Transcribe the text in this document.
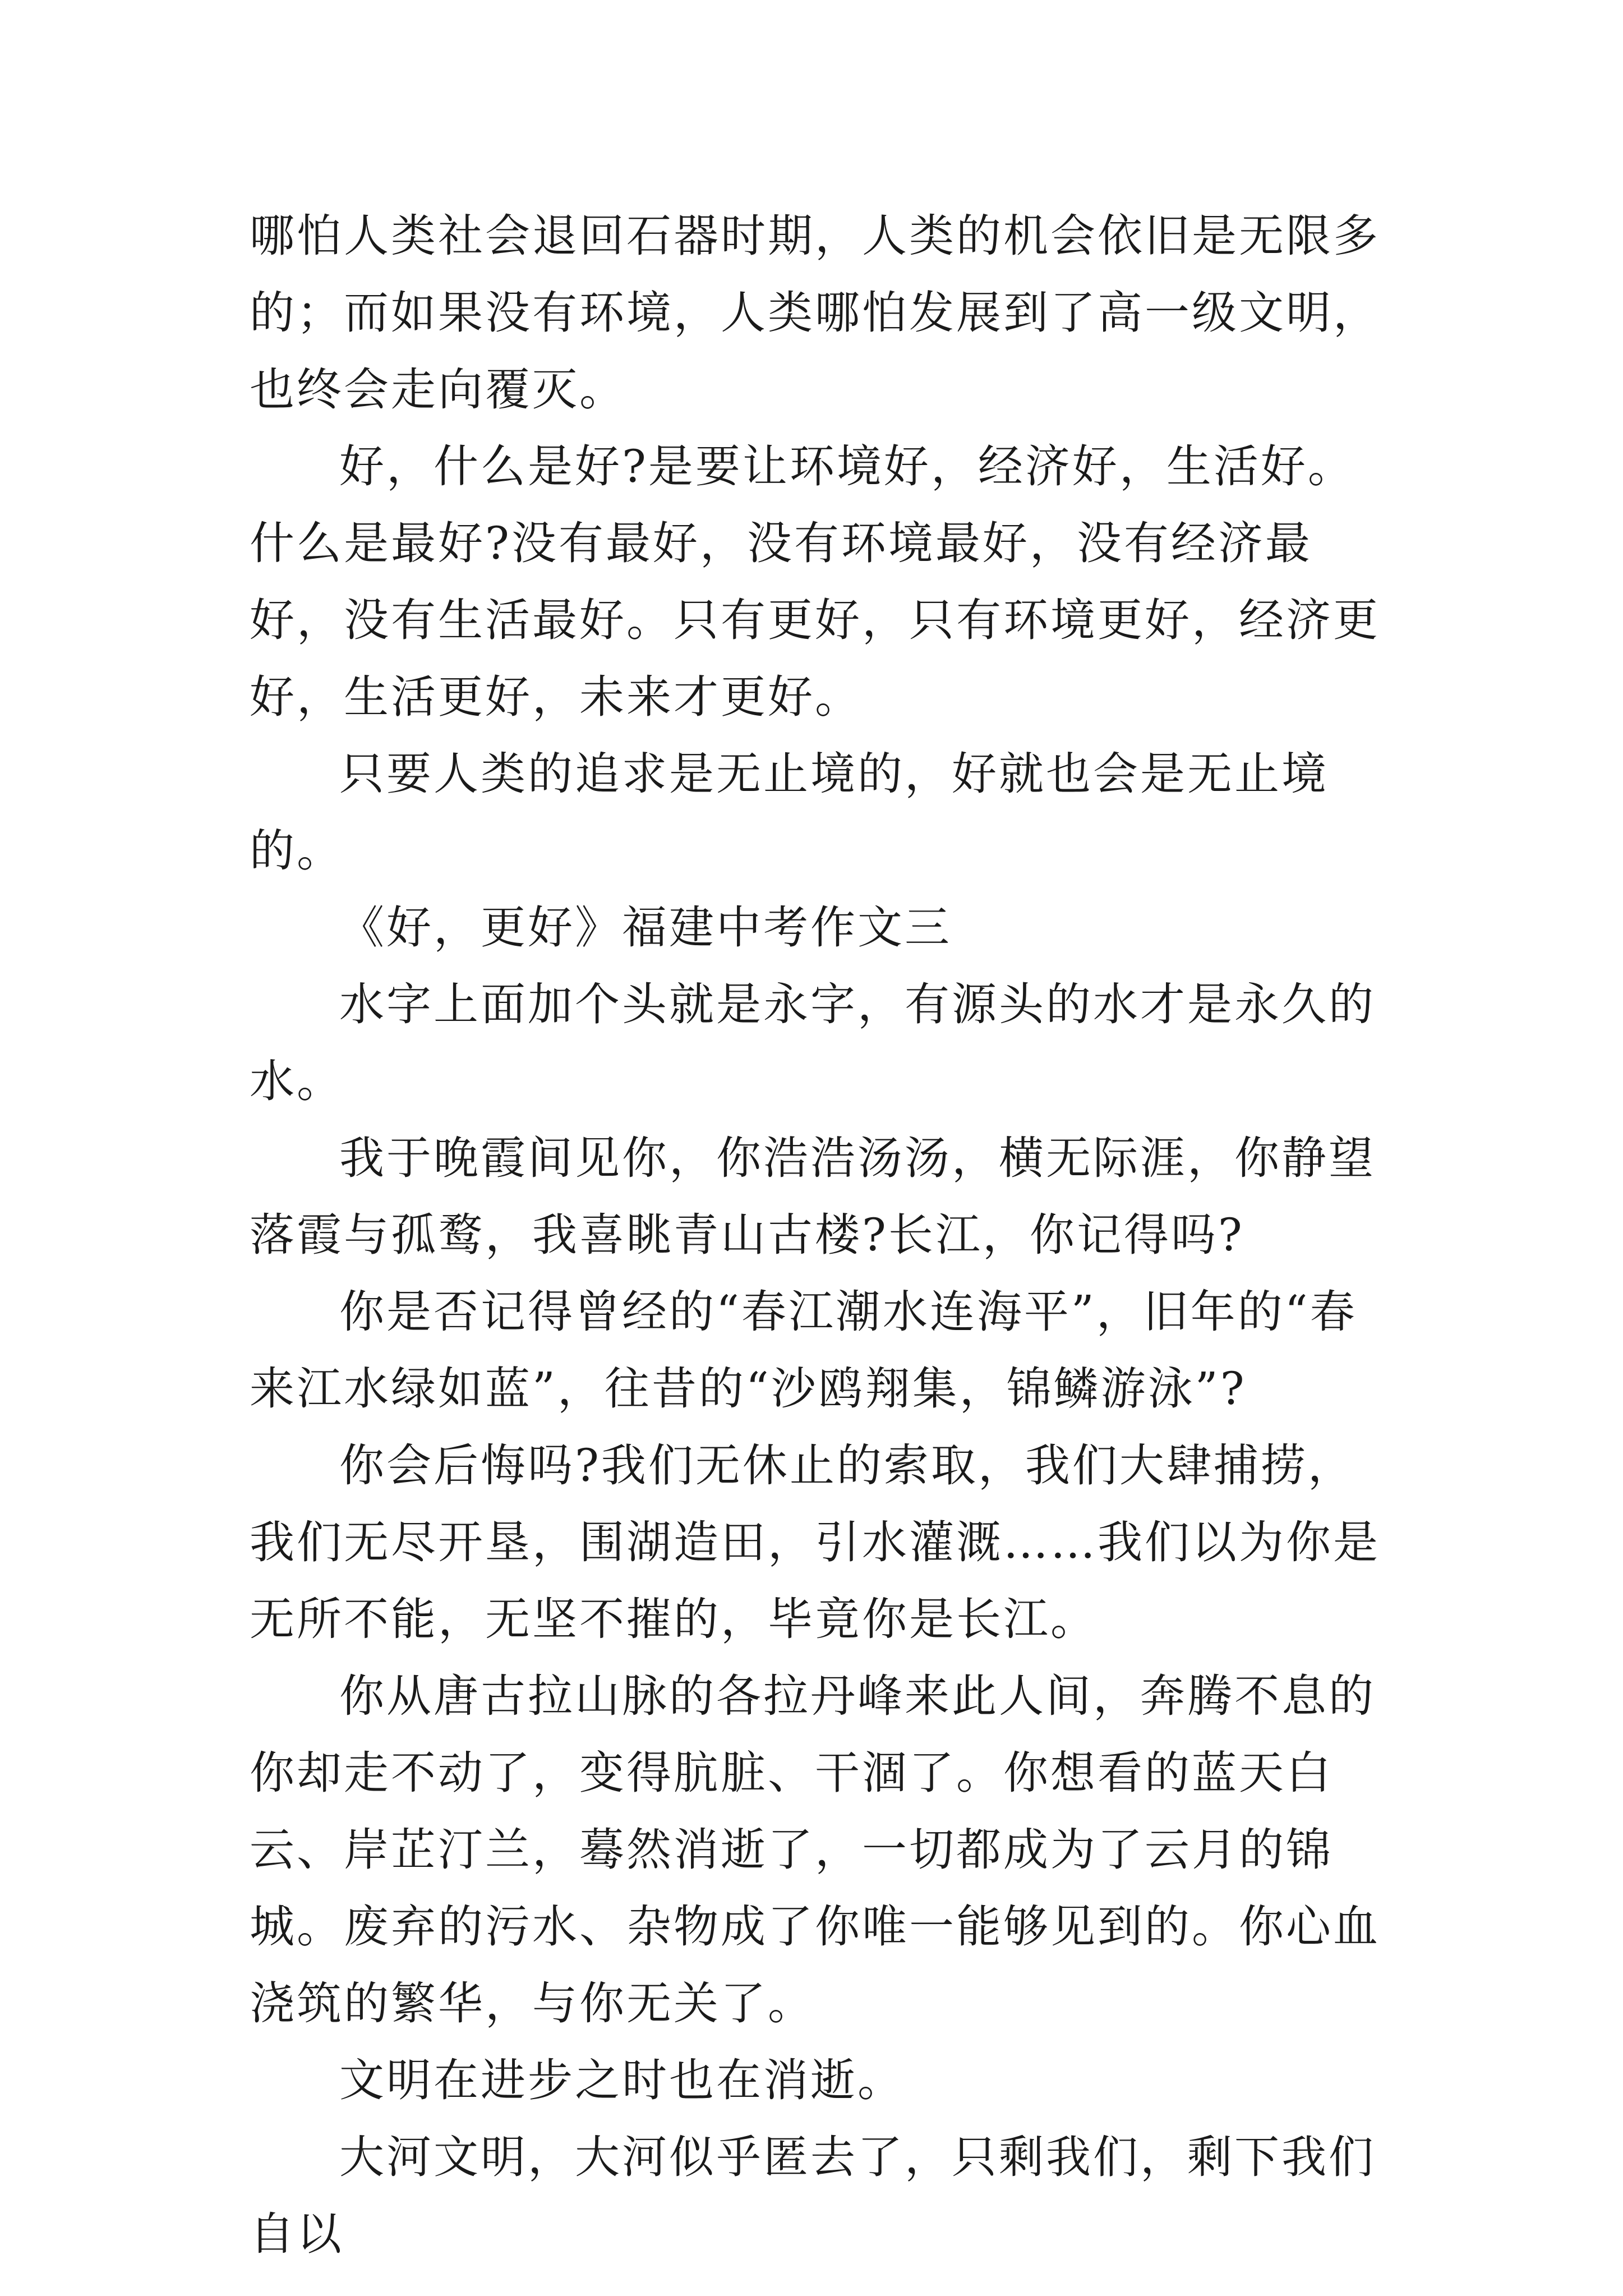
哪怕人类社会退回石器时期，人类的机会依旧是无限多的；而如果没有环境，人类哪怕发展到了高一级文明，也终会走向覆灭。

好，什么是好?是要让环境好，经济好，生活好。什么是最好?没有最好，没有环境最好，没有经济最好，没有生活最好。只有更好，只有环境更好，经济更好，生活更好，未来才更好。

只要人类的追求是无止境的，好就也会是无止境的。

《好，更好》福建中考作文三

水字上面加个头就是永字，有源头的水才是永久的水。

我于晚霞间见你，你浩浩汤汤，横无际涯，你静望落霞与孤鹜，我喜眺青山古楼?长江，你记得吗?

你是否记得曾经的“春江潮水连海平”，旧年的“春来江水绿如蓝”，往昔的“沙鸥翔集，锦鳞游泳”?

你会后悔吗?我们无休止的索取，我们大肆捕捞，我们无尽开垦，围湖造田，引水灌溉……我们以为你是无所不能，无坚不摧的，毕竟你是长江。

你从唐古拉山脉的各拉丹峰来此人间，奔腾不息的你却走不动了，变得肮脏、干涸了。你想看的蓝天白云、岸芷汀兰，蓦然消逝了，一切都成为了云月的锦城。废弃的污水、杂物成了你唯一能够见到的。你心血浇筑的繁华，与你无关了。

文明在进步之时也在消逝。

大河文明，大河似乎匿去了，只剩我们，剩下我们自以
